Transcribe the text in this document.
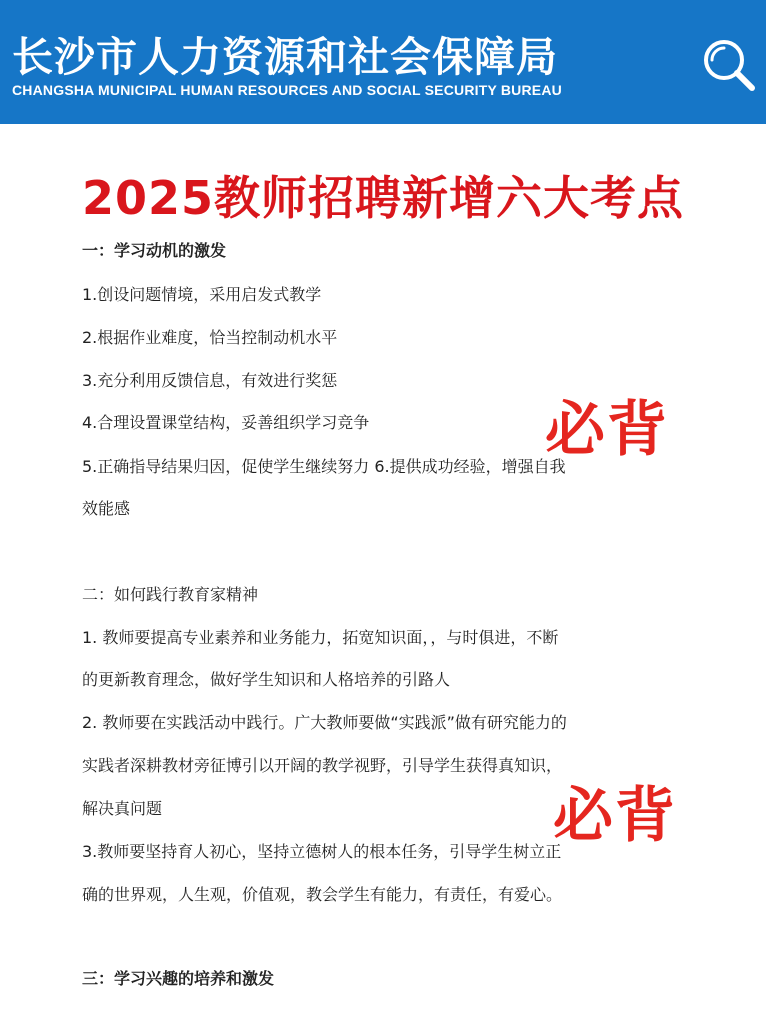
长沙市人力资源和社会保障局
CHANGSHA MUNICIPAL HUMAN RESOURCES AND SOCIAL SECURITY BUREAU
2025教师招聘新增六大考点
一：学习动机的激发
1.创设问题情境，采用启发式教学
2.根据作业难度，恰当控制动机水平
3.充分利用反馈信息，有效进行奖惩
4.合理设置课堂结构，妥善组织学习竞争
5.正确指导结果归因，促使学生继续努力 6.提供成功经验，增强自我
效能感
必背
二：如何践行教育家精神
1. 教师要提高专业素养和业务能力，拓宽知识面，，与时俱进，不断
的更新教育理念，做好学生知识和人格培养的引路人
2. 教师要在实践活动中践行。广大教师要做“实践派”做有研究能力的
实践者深耕教材旁征博引以开阔的教学视野，引导学生获得真知识，
解决真问题
3.教师要坚持育人初心，坚持立德树人的根本任务，引导学生树立正
确的世界观，人生观，价值观，教会学生有能力，有责任，有爱心。
必背
三：学习兴趣的培养和激发
